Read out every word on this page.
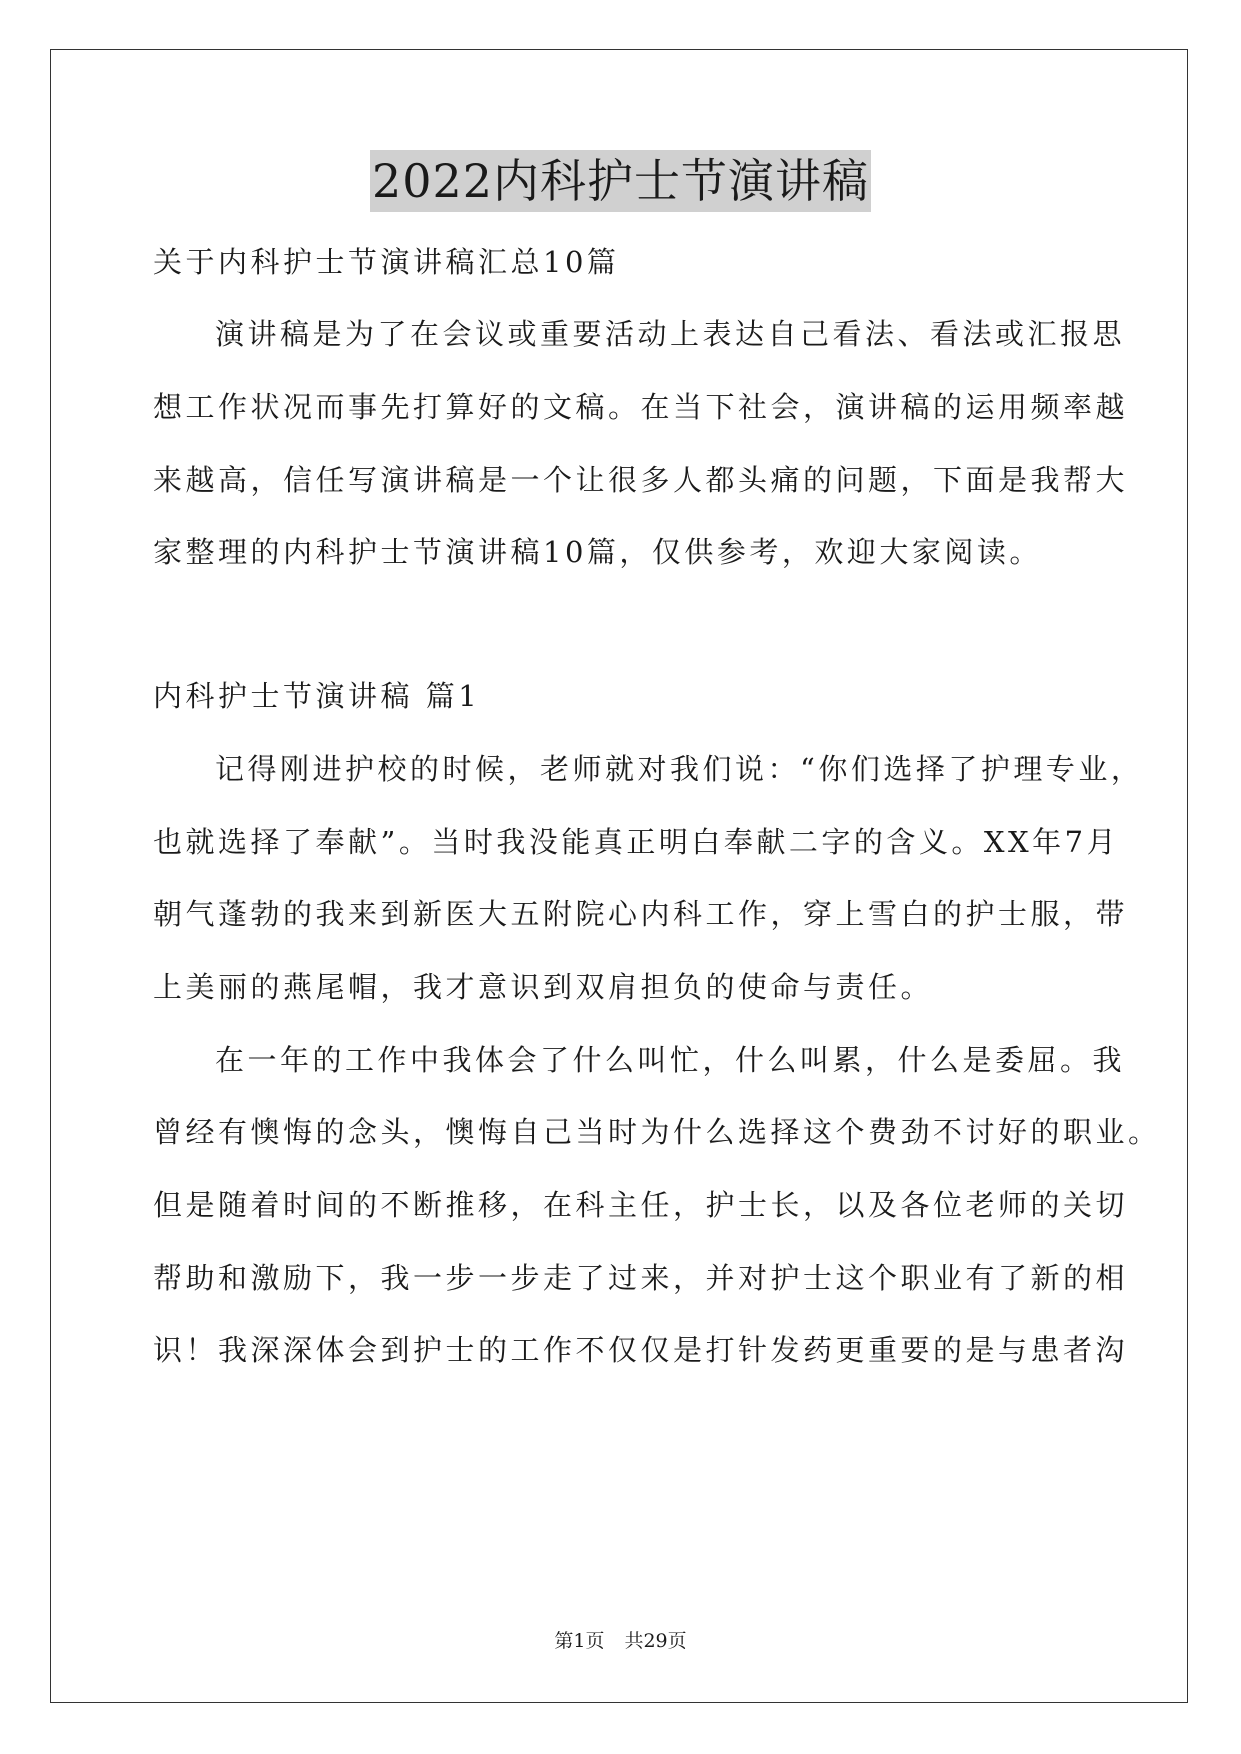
2022内科护士节演讲稿
关于内科护士节演讲稿汇总10篇
演讲稿是为了在会议或重要活动上表达自己看法、看法或汇报思
想工作状况而事先打算好的文稿。在当下社会，演讲稿的运用频率越
来越高，信任写演讲稿是一个让很多人都头痛的问题，下面是我帮大
家整理的内科护士节演讲稿10篇，仅供参考，欢迎大家阅读。
内科护士节演讲稿 篇1
记得刚进护校的时候，老师就对我们说：“你们选择了护理专业，
也就选择了奉献”。当时我没能真正明白奉献二字的含义。XX年7月
朝气蓬勃的我来到新医大五附院心内科工作，穿上雪白的护士服，带
上美丽的燕尾帽，我才意识到双肩担负的使命与责任。
在一年的工作中我体会了什么叫忙，什么叫累，什么是委屈。我
曾经有懊悔的念头，懊悔自己当时为什么选择这个费劲不讨好的职业。
但是随着时间的不断推移，在科主任，护士长，以及各位老师的关切
帮助和激励下，我一步一步走了过来，并对护士这个职业有了新的相
识！我深深体会到护士的工作不仅仅是打针发药更重要的是与患者沟
第1页 共29页
